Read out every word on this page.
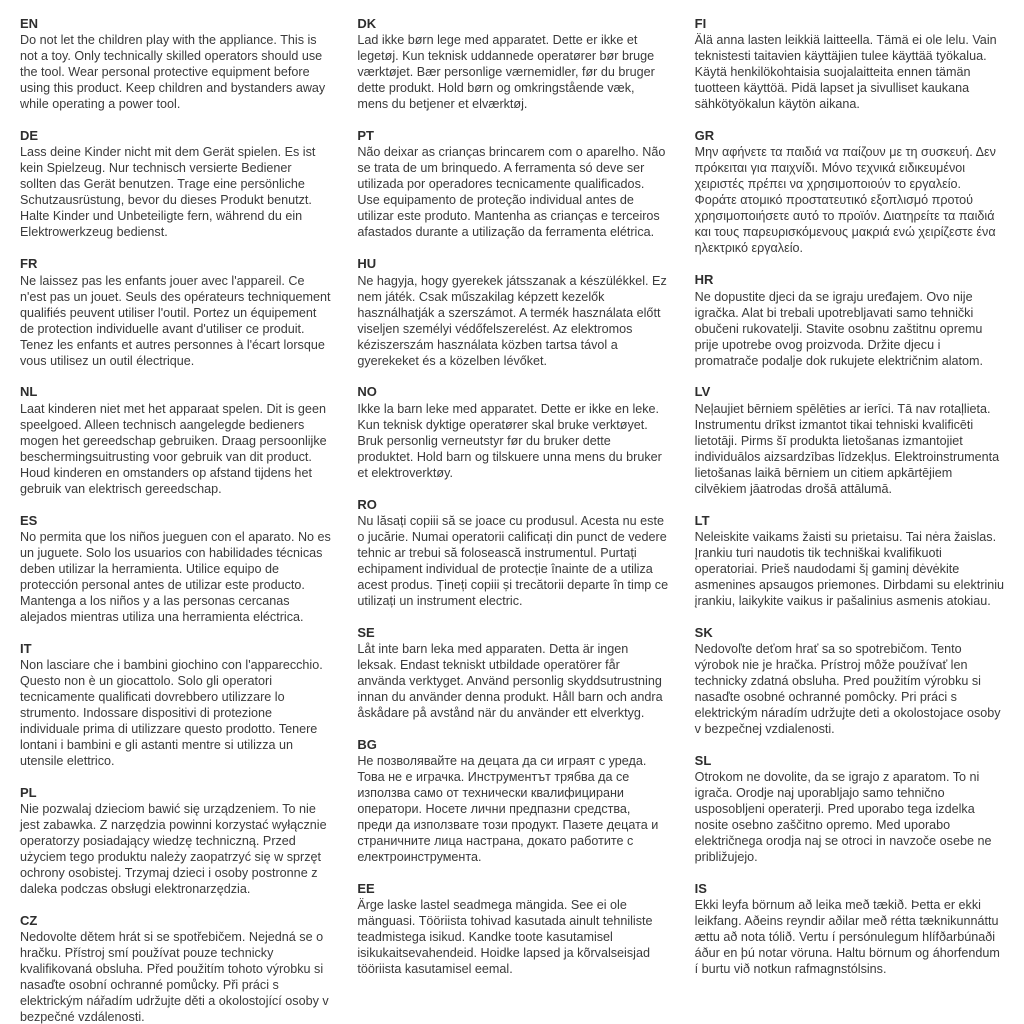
EN

Do not let the children play with the appliance. This is not a toy. Only technically skilled operators should use the tool. Wear personal protective equipment before using this product. Keep children and bystanders away while operating a power tool.

DE

Lass deine Kinder nicht mit dem Gerät spielen. Es ist kein Spielzeug. Nur technisch versierte Bediener sollten das Gerät benutzen. Trage eine persönliche Schutzausrüstung, bevor du dieses Produkt benutzt. Halte Kinder und Unbeteiligte fern, während du ein Elektrowerkzeug bedienst.

FR

Ne laissez pas les enfants jouer avec l'appareil. Ce n'est pas un jouet. Seuls des opérateurs techniquement qualifiés peuvent utiliser l'outil. Portez un équipement de protection individuelle avant d'utiliser ce produit. Tenez les enfants et autres personnes à l'écart lorsque vous utilisez un outil électrique.

NL

Laat kinderen niet met het apparaat spelen. Dit is geen speelgoed. Alleen technisch aangelegde bedieners mogen het gereedschap gebruiken. Draag persoonlijke beschermingsuitrusting voor gebruik van dit product. Houd kinderen en omstanders op afstand tijdens het gebruik van elektrisch gereedschap.

ES

No permita que los niños jueguen con el aparato. No es un juguete. Solo los usuarios con habilidades técnicas deben utilizar la herramienta. Utilice equipo de protección personal antes de utilizar este producto. Mantenga a los niños y a las personas cercanas alejados mientras utiliza una herramienta eléctrica.

IT

Non lasciare che i bambini giochino con l'apparecchio. Questo non è un giocattolo. Solo gli operatori tecnicamente qualificati dovrebbero utilizzare lo strumento. Indossare dispositivi di protezione individuale prima di utilizzare questo prodotto. Tenere lontani i bambini e gli astanti mentre si utilizza un utensile elettrico.

PL

Nie pozwalaj dzieciom bawić się urządzeniem. To nie jest zabawka. Z narzędzia powinni korzystać wyłącznie operatorzy posiadający wiedzę techniczną. Przed użyciem tego produktu należy zaopatrzyć się w sprzęt ochrony osobistej. Trzymaj dzieci i osoby postronne z daleka podczas obsługi elektronarzędzia.

CZ

Nedovolte dětem hrát si se spotřebičem. Nejedná se o hračku. Přístroj smí používat pouze technicky kvalifikovaná obsluha. Před použitím tohoto výrobku si nasaďte osobní ochranné pomůcky. Při práci s elektrickým nářadím udržujte děti a okolostojící osoby v bezpečné vzdálenosti.

DK

Lad ikke børn lege med apparatet. Dette er ikke et legetøj. Kun teknisk uddannede operatører bør bruge værktøjet. Bær personlige værnemidler, før du bruger dette produkt. Hold børn og omkringstående væk, mens du betjener et elværktøj.

PT

Não deixar as crianças brincarem com o aparelho. Não se trata de um brinquedo. A ferramenta só deve ser utilizada por operadores tecnicamente qualificados. Use equipamento de proteção individual antes de utilizar este produto. Mantenha as crianças e terceiros afastados durante a utilização da ferramenta elétrica.

HU

Ne hagyja, hogy gyerekek játsszanak a készülékkel. Ez nem játék. Csak műszakilag képzett kezelők használhatják a szerszámot. A termék használata előtt viseljen személyi védőfelszerelést. Az elektromos kéziszerszám használata közben tartsa távol a gyerekeket és a közelben lévőket.

NO

Ikke la barn leke med apparatet. Dette er ikke en leke. Kun teknisk dyktige operatører skal bruke verktøyet. Bruk personlig verneutstyr før du bruker dette produktet. Hold barn og tilskuere unna mens du bruker et elektroverktøy.

RO

Nu lăsați copiii să se joace cu produsul. Acesta nu este o jucărie. Numai operatorii calificați din punct de vedere tehnic ar trebui să folosească instrumentul. Purtați echipament individual de protecție înainte de a utiliza acest produs. Țineți copiii și trecătorii departe în timp ce utilizați un instrument electric.

SE

Låt inte barn leka med apparaten. Detta är ingen leksak. Endast tekniskt utbildade operatörer får använda verktyget. Använd personlig skyddsutrustning innan du använder denna produkt. Håll barn och andra åskådare på avstånd när du använder ett elverktyg.

BG

Не позволявайте на децата да си играят с уреда. Това не е играчка. Инструментът трябва да се използва само от технически квалифицирани оператори. Носете лични предпазни средства, преди да използвате този продукт. Пазете децата и страничните лица настрана, докато работите с електроинструмента.

EE

Ärge laske lastel seadmega mängida. See ei ole mänguasi. Tööriista tohivad kasutada ainult tehniliste teadmistega isikud. Kandke toote kasutamisel isikukaitsevahendeid. Hoidke lapsed ja kõrvalseisjad tööriista kasutamisel eemal.

FI

Älä anna lasten leikkiä laitteella. Tämä ei ole lelu. Vain teknistesti taitavien käyttäjien tulee käyttää työkalua. Käytä henkilökohtaisia suojalaitteita ennen tämän tuotteen käyttöä. Pidä lapset ja sivulliset kaukana sähkötyökalun käytön aikana.

GR

Μην αφήνετε τα παιδιά να παίζουν με τη συσκευή. Δεν πρόκειται για παιχνίδι. Μόνο τεχνικά ειδικευμένοι χειριστές πρέπει να χρησιμοποιούν το εργαλείο. Φοράτε ατομικό προστατευτικό εξοπλισμό προτού χρησιμοποιήσετε αυτό το προϊόν. Διατηρείτε τα παιδιά και τους παρευρισκόμενους μακριά ενώ χειρίζεστε ένα ηλεκτρικό εργαλείο.

HR

Ne dopustite djeci da se igraju uređajem. Ovo nije igračka. Alat bi trebali upotrebljavati samo tehnički obučeni rukovatelji. Stavite osobnu zaštitnu opremu prije upotrebe ovog proizvoda. Držite djecu i promatrače podalje dok rukujete električnim alatom.

LV

Neļaujiet bērniem spēlēties ar ierīci. Tā nav rotaļlieta. Instrumentu drīkst izmantot tikai tehniski kvalificēti lietotāji. Pirms šī produkta lietošanas izmantojiet individuālos aizsardzības līdzekļus. Elektroinstrumenta lietošanas laikā bērniem un citiem apkārtējiem cilvēkiem jāatrodas drošā attālumā.

LT

Neleiskite vaikams žaisti su prietaisu. Tai nėra žaislas. Įrankiu turi naudotis tik techniškai kvalifikuoti operatoriai. Prieš naudodami šį gaminį dėvėkite asmenines apsaugos priemones. Dirbdami su elektriniu įrankiu, laikykite vaikus ir pašalinius asmenis atokiau.

SK

Nedovoľte deťom hrať sa so spotrebičom. Tento výrobok nie je hračka. Prístroj môže používať len technicky zdatná obsluha. Pred použitím výrobku si nasaďte osobné ochranné pomôcky. Pri práci s elektrickým náradím udržujte deti a okolostojace osoby v bezpečnej vzdialenosti.

SL

Otrokom ne dovolite, da se igrajo z aparatom. To ni igrača. Orodje naj uporabljajo samo tehnično usposobljeni operaterji. Pred uporabo tega izdelka nosite osebno zaščitno opremo. Med uporabo električnega orodja naj se otroci in navzoče osebe ne približujejo.

IS

Ekki leyfa börnum að leika með tækið. Þetta er ekki leikfang. Aðeins reyndir aðilar með rétta tæknikunnáttu ættu að nota tólið. Vertu í persónulegum hlífðarbúnaði áður en þú notar vöruna. Haltu börnum og áhorfendum í burtu við notkun rafmagnstólsins.
